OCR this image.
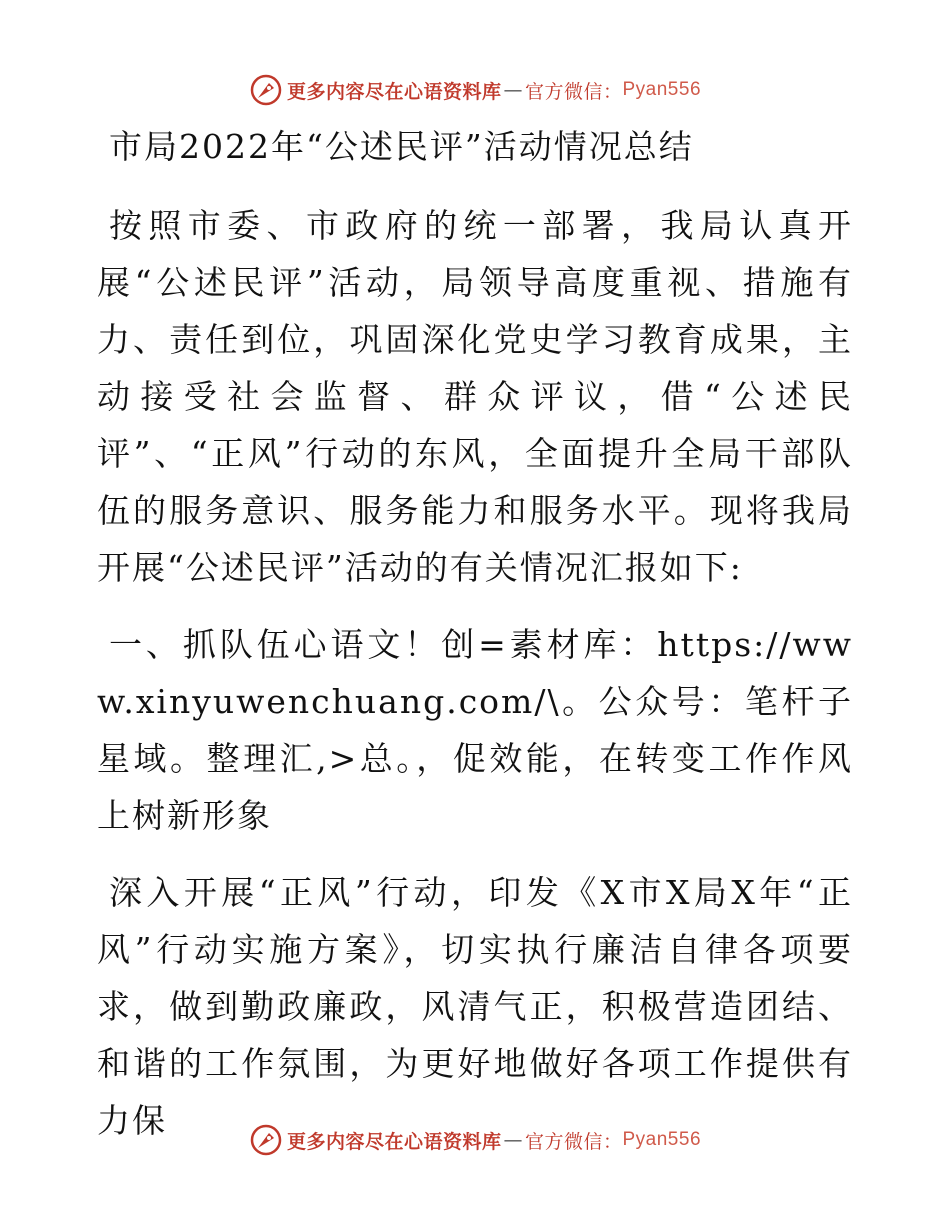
更多内容尽在心语资料库 — 官方微信： Pyan556

市局2022年“公述民评”活动情况总结

按照市委、市政府的统一部署，我局认真开展“公述民评”活动，局领导高度重视、措施有力、责任到位，巩固深化党史学习教育成果，主动接受社会监督、群众评议，借“公述民评”、“正风”行动的东风，全面提升全局干部队伍的服务意识、服务能力和服务水平。现将我局开展“公述民评”活动的有关情况汇报如下:

一、抓队伍心语文！创=素材库：https://www.xinyuwenchuang.com/\。公众号：笔杆子星域。整理汇,>总。，促效能，在转变工作作风上树新形象

深入开展“正风”行动，印发《X市X局X年“正风”行动实施方案》，切实执行廉洁自律各项要求，做到勤政廉政，风清气正，积极营造团结、和谐的工作氛围，为更好地做好各项工作提供有力保

更多内容尽在心语资料库 — 官方微信： Pyan556
